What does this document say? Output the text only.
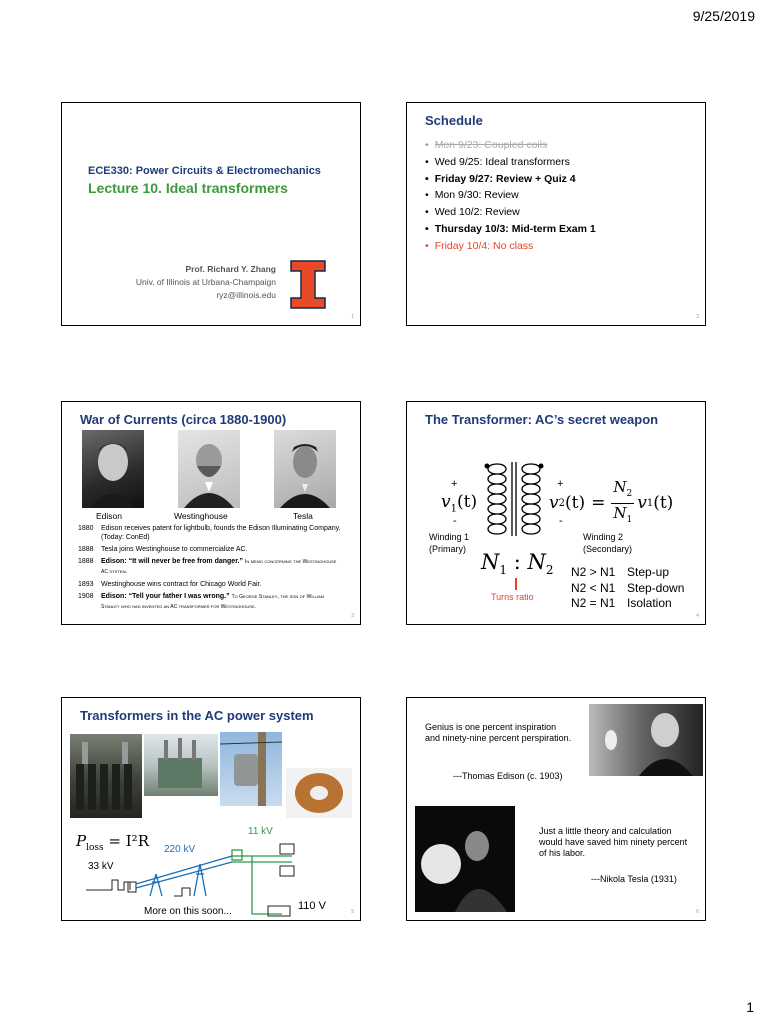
9/25/2019
ECE330: Power Circuits & Electromechanics
Lecture 10. Ideal transformers
Prof. Richard Y. Zhang
Univ. of Illinois at Urbana-Champaign
ryz@illinois.edu
1
Schedule
• Mon 9/23: Coupled coils
• Wed 9/25: Ideal transformers
• Friday 9/27: Review + Quiz 4
• Mon 9/30: Review
• Wed 10/2: Review
• Thursday 10/3: Mid-term Exam 1
• Friday 10/4: No class
2
War of Currents (circa 1880-1900)
Edison	Westinghouse	Tesla
1880	Edison receives patent for lightbulb, founds the Edison Illuminating Company. (Today: ConEd)
1888	Tesla joins Westinghouse to commercialize AC.
1888	Edison: “It will never be free from danger.” In memo concerning the Westinghouse AC system.
1893	Westinghouse wins contract for Chicago World Fair.
1908	Edison: “Tell your father I was wrong.” To George Stanley, the son of William Stanley who had invented an AC transformer for Westinghouse.
3
The Transformer: AC’s secret weapon
+
-
$v_1(t)$
+
-
v 2 $(t) = \frac{N_2}{N_1}$ v 1 (t)
Winding 1
(Primary)
Winding 2
(Secondary)
$N_1$ : $N_2$
Turns ratio
N2 > N1 Step-up
N2 < N1 Step-down
N2 = N1 Isolation
4
Transformers in the AC power system
$P_{loss} = I^2R$
11 kV
220 kV
33 kV
110 V
More on this soon...	5
Genius is one percent inspiration and ninety-nine percent perspiration.
---Thomas Edison (c. 1903)
Just a little theory and calculation would have saved him ninety percent of his labor.
---Nikola Tesla (1931)
6
1
